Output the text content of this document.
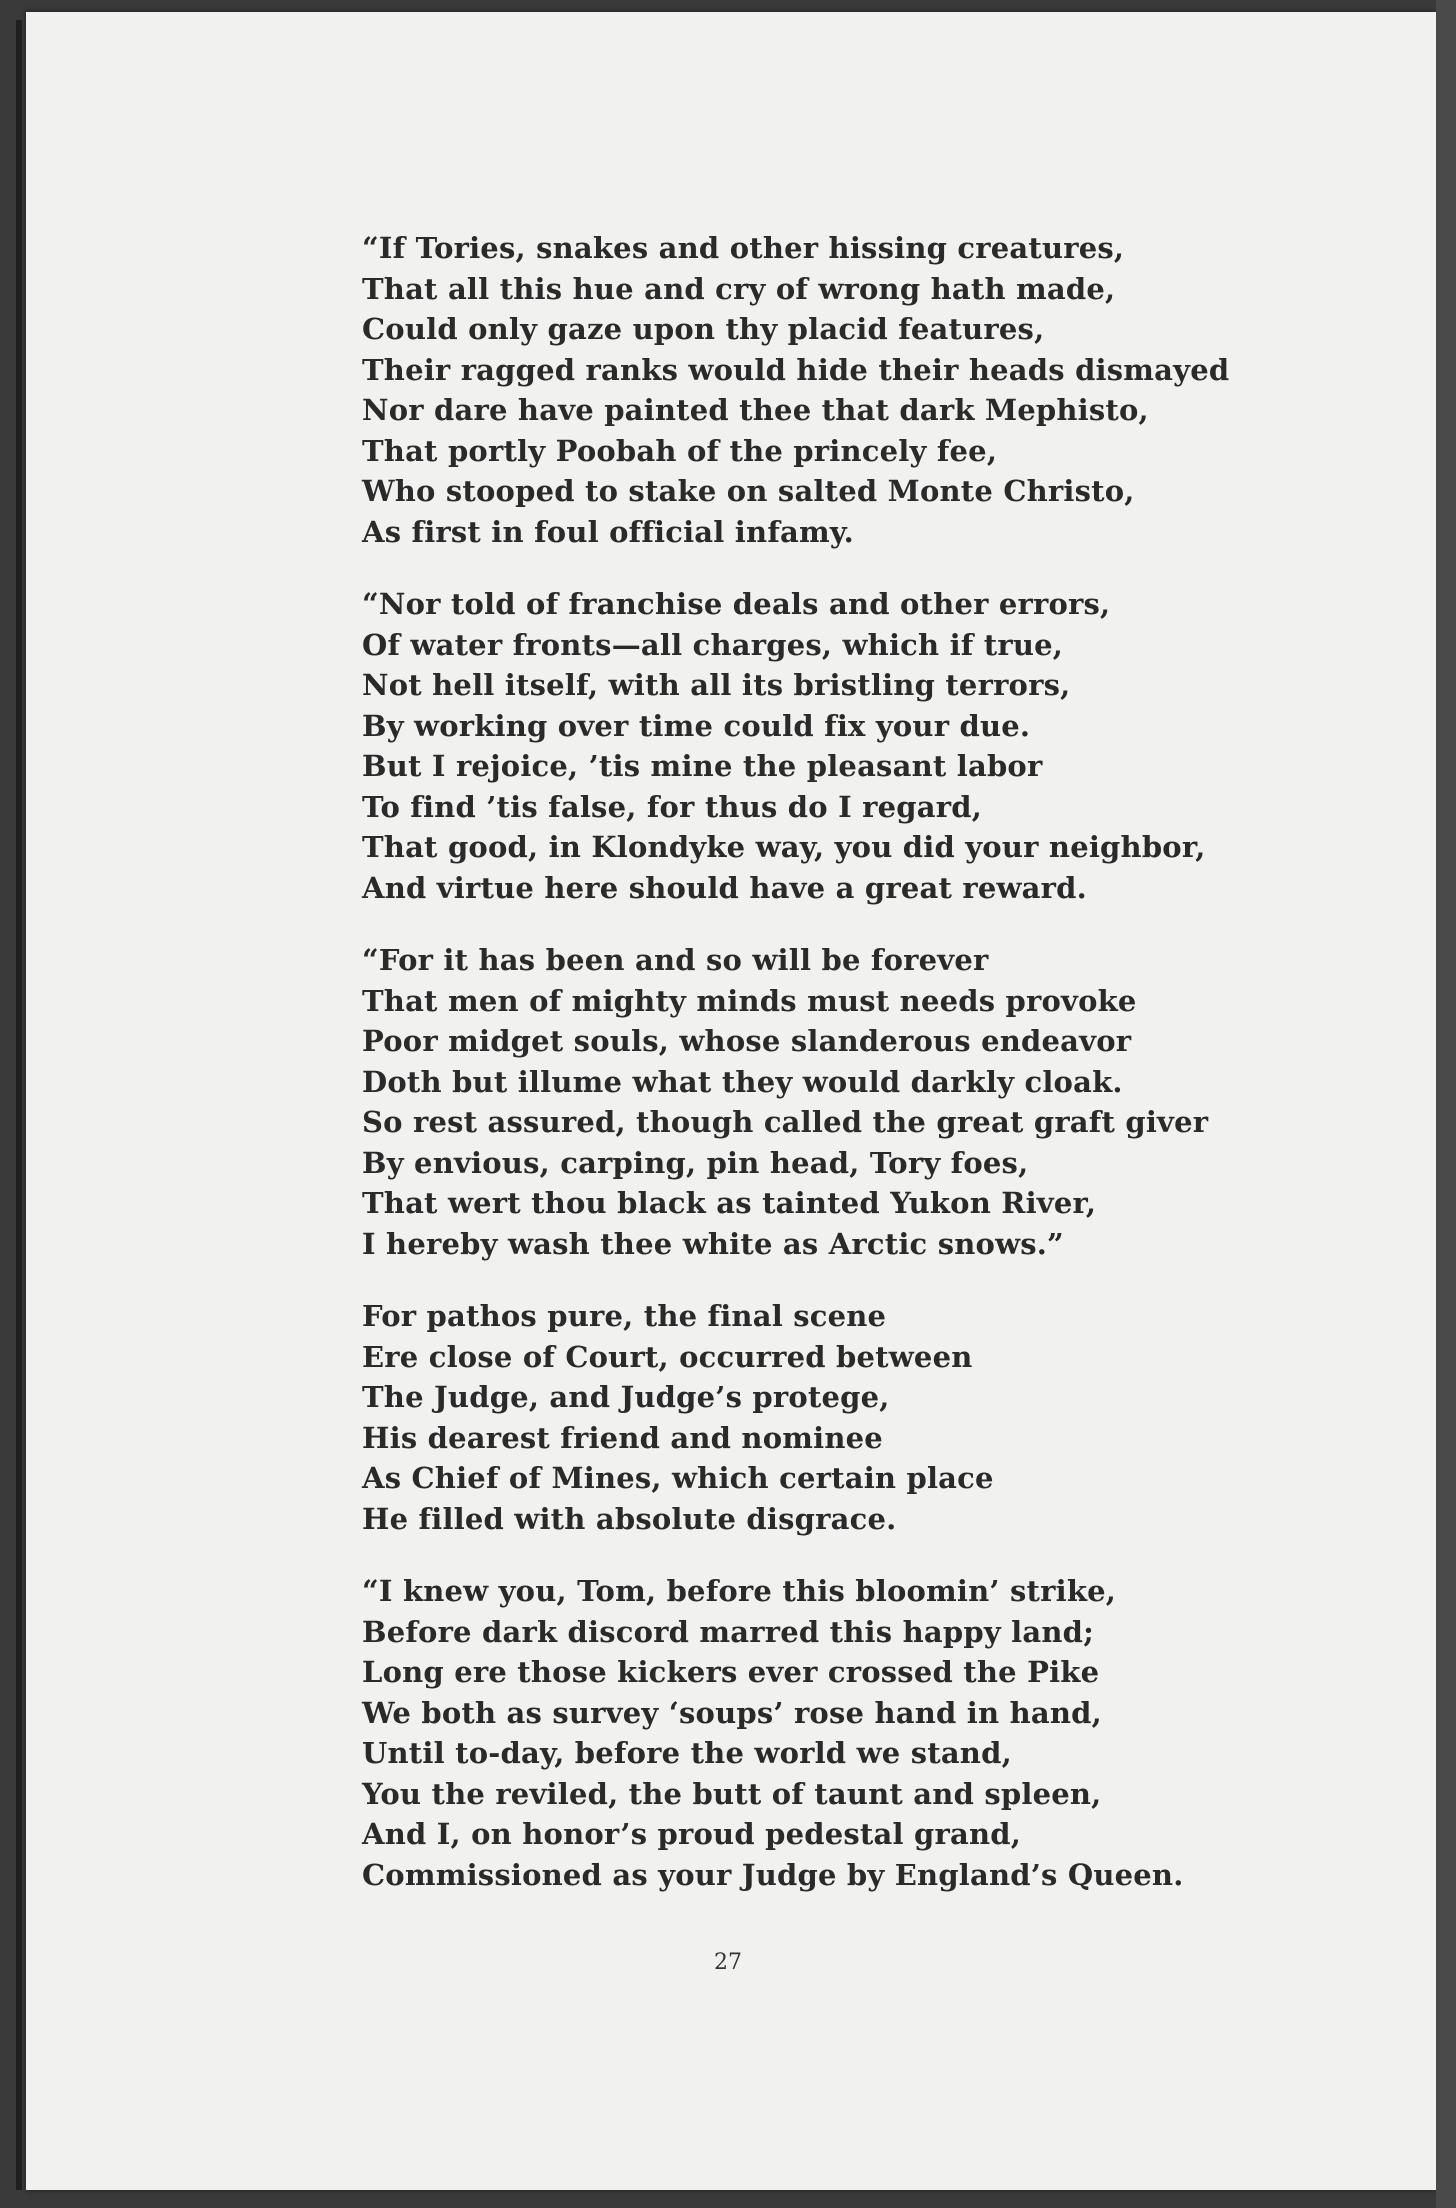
“If Tories, snakes and other hissing creatures,
That all this hue and cry of wrong hath made,
Could only gaze upon thy placid features,
Their ragged ranks would hide their heads dismayed
Nor dare have painted thee that dark Mephisto,
That portly Poobah of the princely fee,
Who stooped to stake on salted Monte Christo,
As first in foul official infamy.
“Nor told of franchise deals and other errors,
Of water fronts—all charges, which if true,
Not hell itself, with all its bristling terrors,
By working over time could fix your due.
But I rejoice, ’tis mine the pleasant labor
To find ’tis false, for thus do I regard,
That good, in Klondyke way, you did your neighbor,
And virtue here should have a great reward.
“For it has been and so will be forever
That men of mighty minds must needs provoke
Poor midget souls, whose slanderous endeavor
Doth but illume what they would darkly cloak.
So rest assured, though called the great graft giver
By envious, carping, pin head, Tory foes,
That wert thou black as tainted Yukon River,
I hereby wash thee white as Arctic snows.”
For pathos pure, the final scene
Ere close of Court, occurred between
The Judge, and Judge’s protege,
His dearest friend and nominee
As Chief of Mines, which certain place
He filled with absolute disgrace.
“I knew you, Tom, before this bloomin’ strike,
Before dark discord marred this happy land;
Long ere those kickers ever crossed the Pike
We both as survey ‘soups’ rose hand in hand,
Until to-day, before the world we stand,
You the reviled, the butt of taunt and spleen,
And I, on honor’s proud pedestal grand,
Commissioned as your Judge by England’s Queen.
27
